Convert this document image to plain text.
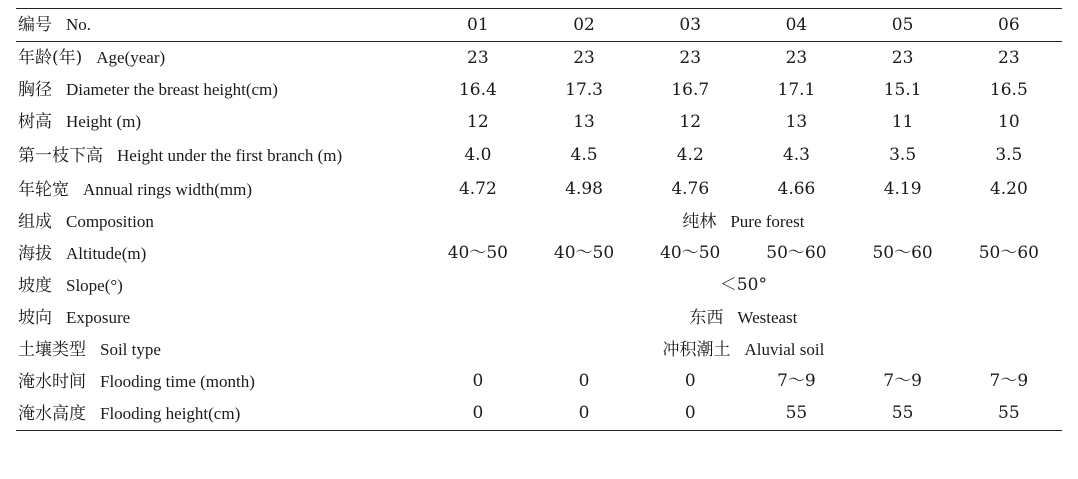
编号 No.	01	02	03	04	05	06
年龄(年) Age(year)	23	23	23	23	23	23
胸径 Diameter the breast height(cm)	16.4	17.3	16.7	17.1	15.1	16.5
树高 Height (m)	12	13	12	13	11	10
第一枝下高 Height under the first branch (m)	4.0	4.5	4.2	4.3	3.5	3.5
年轮宽 Annual rings width(mm)	4.72	4.98	4.76	4.66	4.19	4.20
组成 Composition	纯林 Pure forest					
海拔 Altitude(m)	40～50	40～50	40～50	50～60	50～60	50～60
坡度 Slope(°)	＜50°					
坡向 Exposure	东西 Westeast					
土壤类型 Soil type	冲积潮土 Aluvial soil					
淹水时间 Flooding time (month)	0	0	0	7～9	7～9	7～9
淹水高度 Flooding height(cm)	0	0	0	55	55	55
